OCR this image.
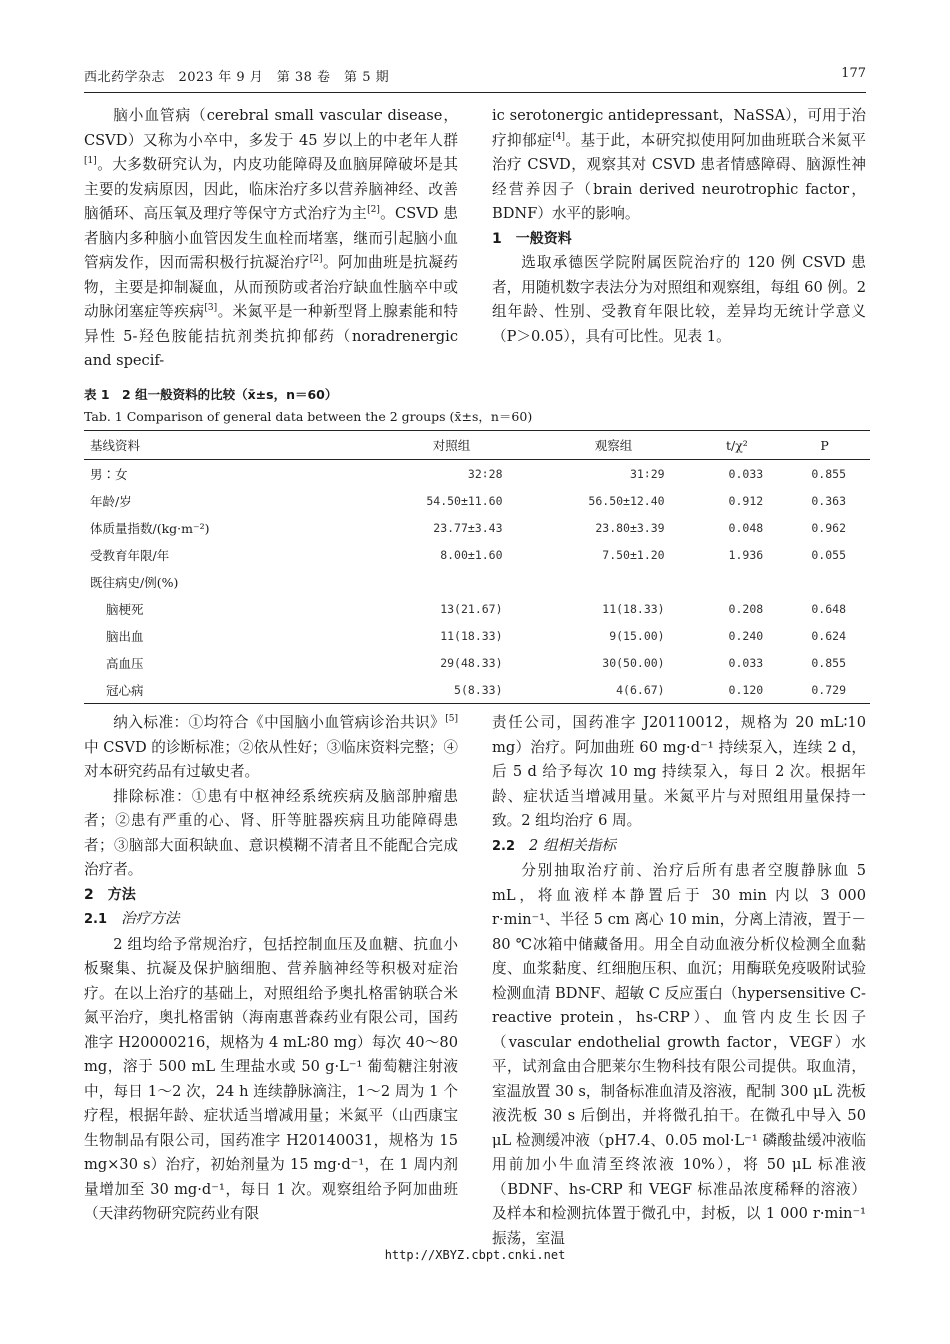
西北药学杂志　2023 年 9 月　第 38 卷　第 5 期	177

脑小血管病（cerebral small vascular disease，CSVD）又称为小卒中，多发于 45 岁以上的中老年人群[1]。大多数研究认为，内皮功能障碍及血脑屏障破坏是其主要的发病原因，因此，临床治疗多以营养脑神经、改善脑循环、高压氧及理疗等保守方式治疗为主[2]。CSVD 患者脑内多种脑小血管因发生血栓而堵塞，继而引起脑小血管病发作，因而需积极行抗凝治疗[2]。阿加曲班是抗凝药物，主要是抑制凝血，从而预防或者治疗缺血性脑卒中或动脉闭塞症等疾病[3]。米氮平是一种新型肾上腺素能和特异性 5-羟色胺能拮抗剂类抗抑郁药（noradrenergic and specif-

ic serotonergic antidepressant，NaSSA），可用于治疗抑郁症[4]。基于此，本研究拟使用阿加曲班联合米氮平治疗 CSVD，观察其对 CSVD 患者情感障碍、脑源性神经营养因子（brain derived neurotrophic factor，BDNF）水平的影响。

1　一般资料

选取承德医学院附属医院治疗的 120 例 CSVD 患者，用随机数字表法分为对照组和观察组，每组 60 例。2 组年龄、性别、受教育年限比较，差异均无统计学意义（P＞0.05），具有可比性。见表 1。

表 1　2 组一般资料的比较（x̄±s，n＝60）
Tab. 1 Comparison of general data between the 2 groups (x̄±s，n＝60)
基线资料	对照组	观察组	t/χ²	P
男∶女	32∶28	31∶29	0.033	0.855
年龄/岁	54.50±11.60	56.50±12.40	0.912	0.363
体质量指数/(kg·m⁻²)	23.77±3.43	23.80±3.39	0.048	0.962
受教育年限/年	8.00±1.60	7.50±1.20	1.936	0.055
既往病史/例(%)				
脑梗死	13(21.67)	11(18.33)	0.208	0.648
脑出血	11(18.33)	9(15.00)	0.240	0.624
高血压	29(48.33)	30(50.00)	0.033	0.855
冠心病	5(8.33)	4(6.67)	0.120	0.729

纳入标准：①均符合《中国脑小血管病诊治共识》[5]中 CSVD 的诊断标准；②依从性好；③临床资料完整；④对本研究药品有过敏史者。

排除标准：①患有中枢神经系统疾病及脑部肿瘤患者；②患有严重的心、肾、肝等脏器疾病且功能障碍患者；③脑部大面积缺血、意识模糊不清者且不能配合完成治疗者。

2　方法

2.1 治疗方法

2 组均给予常规治疗，包括控制血压及血糖、抗血小板聚集、抗凝及保护脑细胞、营养脑神经等积极对症治疗。在以上治疗的基础上，对照组给予奥扎格雷钠联合米氮平治疗，奥扎格雷钠（海南惠普森药业有限公司，国药准字 H20000216，规格为 4 mL∶80 mg）每次 40～80 mg，溶于 500 mL 生理盐水或 50 g·L⁻¹ 葡萄糖注射液中，每日 1～2 次，24 h 连续静脉滴注，1～2 周为 1 个疗程，根据年龄、症状适当增减用量；米氮平（山西康宝生物制品有限公司，国药准字 H20140031，规格为 15 mg×30 s）治疗，初始剂量为 15 mg·d⁻¹，在 1 周内剂量增加至 30 mg·d⁻¹，每日 1 次。观察组给予阿加曲班（天津药物研究院药业有限

责任公司，国药准字 J20110012，规格为 20 mL∶10 mg）治疗。阿加曲班 60 mg·d⁻¹ 持续泵入，连续 2 d，后 5 d 给予每次 10 mg 持续泵入，每日 2 次。根据年龄、症状适当增减用量。米氮平片与对照组用量保持一致。2 组均治疗 6 周。

2.2 2 组相关指标

分别抽取治疗前、治疗后所有患者空腹静脉血 5 mL，将血液样本静置后于 30 min 内以 3 000 r·min⁻¹、半径 5 cm 离心 10 min，分离上清液，置于－80 ℃冰箱中储藏备用。用全自动血液分析仪检测全血黏度、血浆黏度、红细胞压积、血沉；用酶联免疫吸附试验检测血清 BDNF、超敏 C 反应蛋白（hypersensitive C-reactive protein，hs-CRP）、血管内皮生长因子（vascular endothelial growth factor，VEGF）水平，试剂盒由合肥莱尔生物科技有限公司提供。取血清，室温放置 30 s，制备标准血清及溶液，配制 300 μL 洗板液洗板 30 s 后倒出，并将微孔拍干。在微孔中导入 50 μL 检测缓冲液（pH7.4、0.05 mol·L⁻¹ 磷酸盐缓冲液临用前加小牛血清至终浓液 10%），将 50 μL 标准液（BDNF、hs-CRP 和 VEGF 标准品浓度稀释的溶液）及样本和检测抗体置于微孔中，封板，以 1 000 r·min⁻¹ 振荡，室温

http://XBYZ.cbpt.cnki.net
